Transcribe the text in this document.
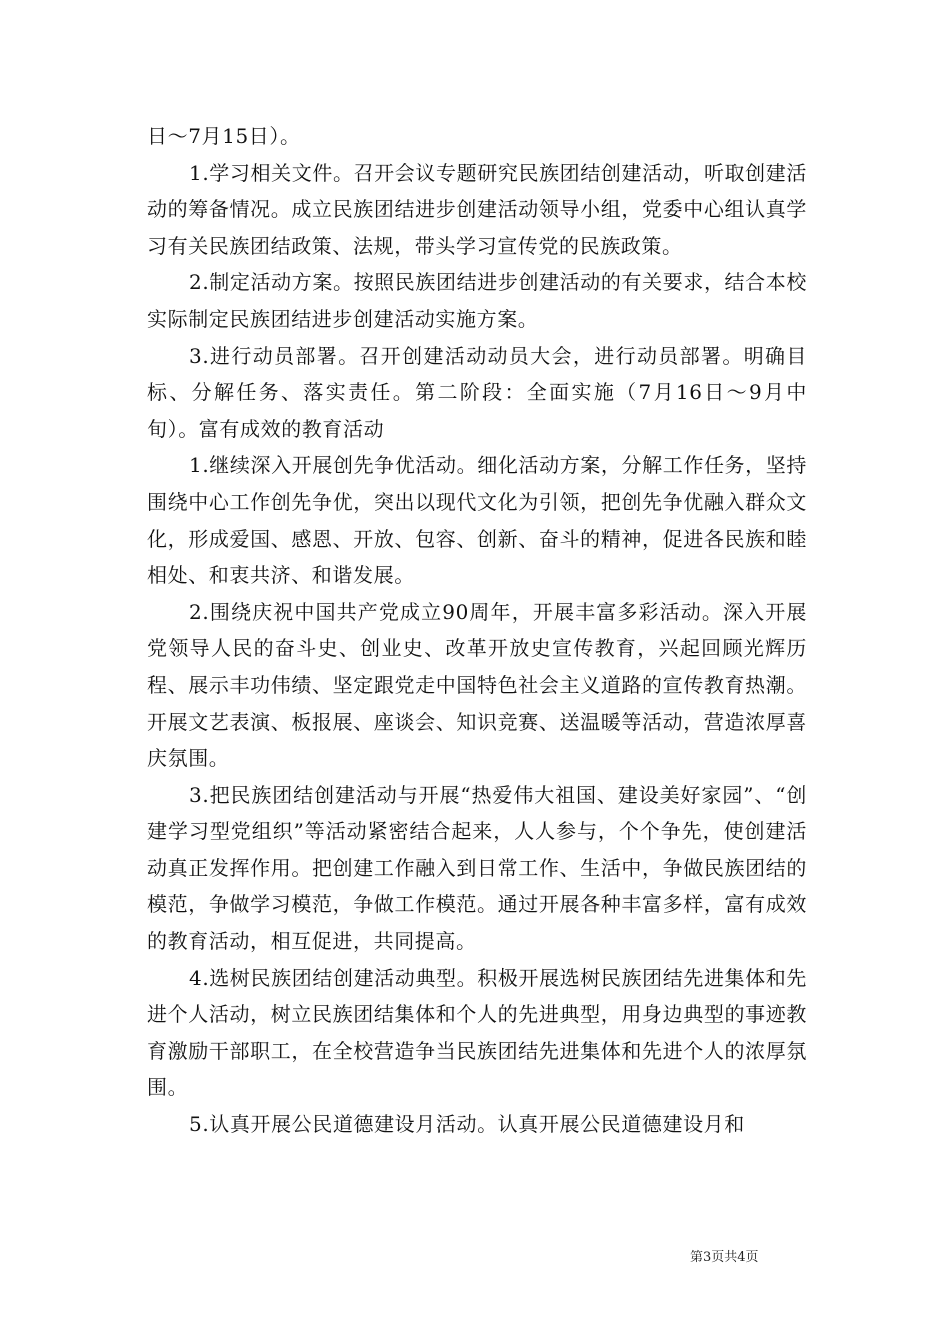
日～7月15日）。

1.学习相关文件。召开会议专题研究民族团结创建活动，听取创建活动的筹备情况。成立民族团结进步创建活动领导小组，党委中心组认真学习有关民族团结政策、法规，带头学习宣传党的民族政策。

2.制定活动方案。按照民族团结进步创建活动的有关要求，结合本校实际制定民族团结进步创建活动实施方案。

3.进行动员部署。召开创建活动动员大会，进行动员部署。明确目标、分解任务、落实责任。第二阶段：全面实施（7月16日～9月中旬）。富有成效的教育活动

1.继续深入开展创先争优活动。细化活动方案，分解工作任务，坚持围绕中心工作创先争优，突出以现代文化为引领，把创先争优融入群众文化，形成爱国、感恩、开放、包容、创新、奋斗的精神，促进各民族和睦相处、和衷共济、和谐发展。

2.围绕庆祝中国共产党成立90周年，开展丰富多彩活动。深入开展党领导人民的奋斗史、创业史、改革开放史宣传教育，兴起回顾光辉历程、展示丰功伟绩、坚定跟党走中国特色社会主义道路的宣传教育热潮。开展文艺表演、板报展、座谈会、知识竞赛、送温暖等活动，营造浓厚喜庆氛围。

3.把民族团结创建活动与开展“热爱伟大祖国、建设美好家园”、“创建学习型党组织”等活动紧密结合起来，人人参与，个个争先，使创建活动真正发挥作用。把创建工作融入到日常工作、生活中，争做民族团结的模范，争做学习模范，争做工作模范。通过开展各种丰富多样，富有成效的教育活动，相互促进，共同提高。

4.选树民族团结创建活动典型。积极开展选树民族团结先进集体和先进个人活动，树立民族团结集体和个人的先进典型，用身边典型的事迹教育激励干部职工，在全校营造争当民族团结先进集体和先进个人的浓厚氛围。

5.认真开展公民道德建设月活动。认真开展公民道德建设月和

第3页共4页
